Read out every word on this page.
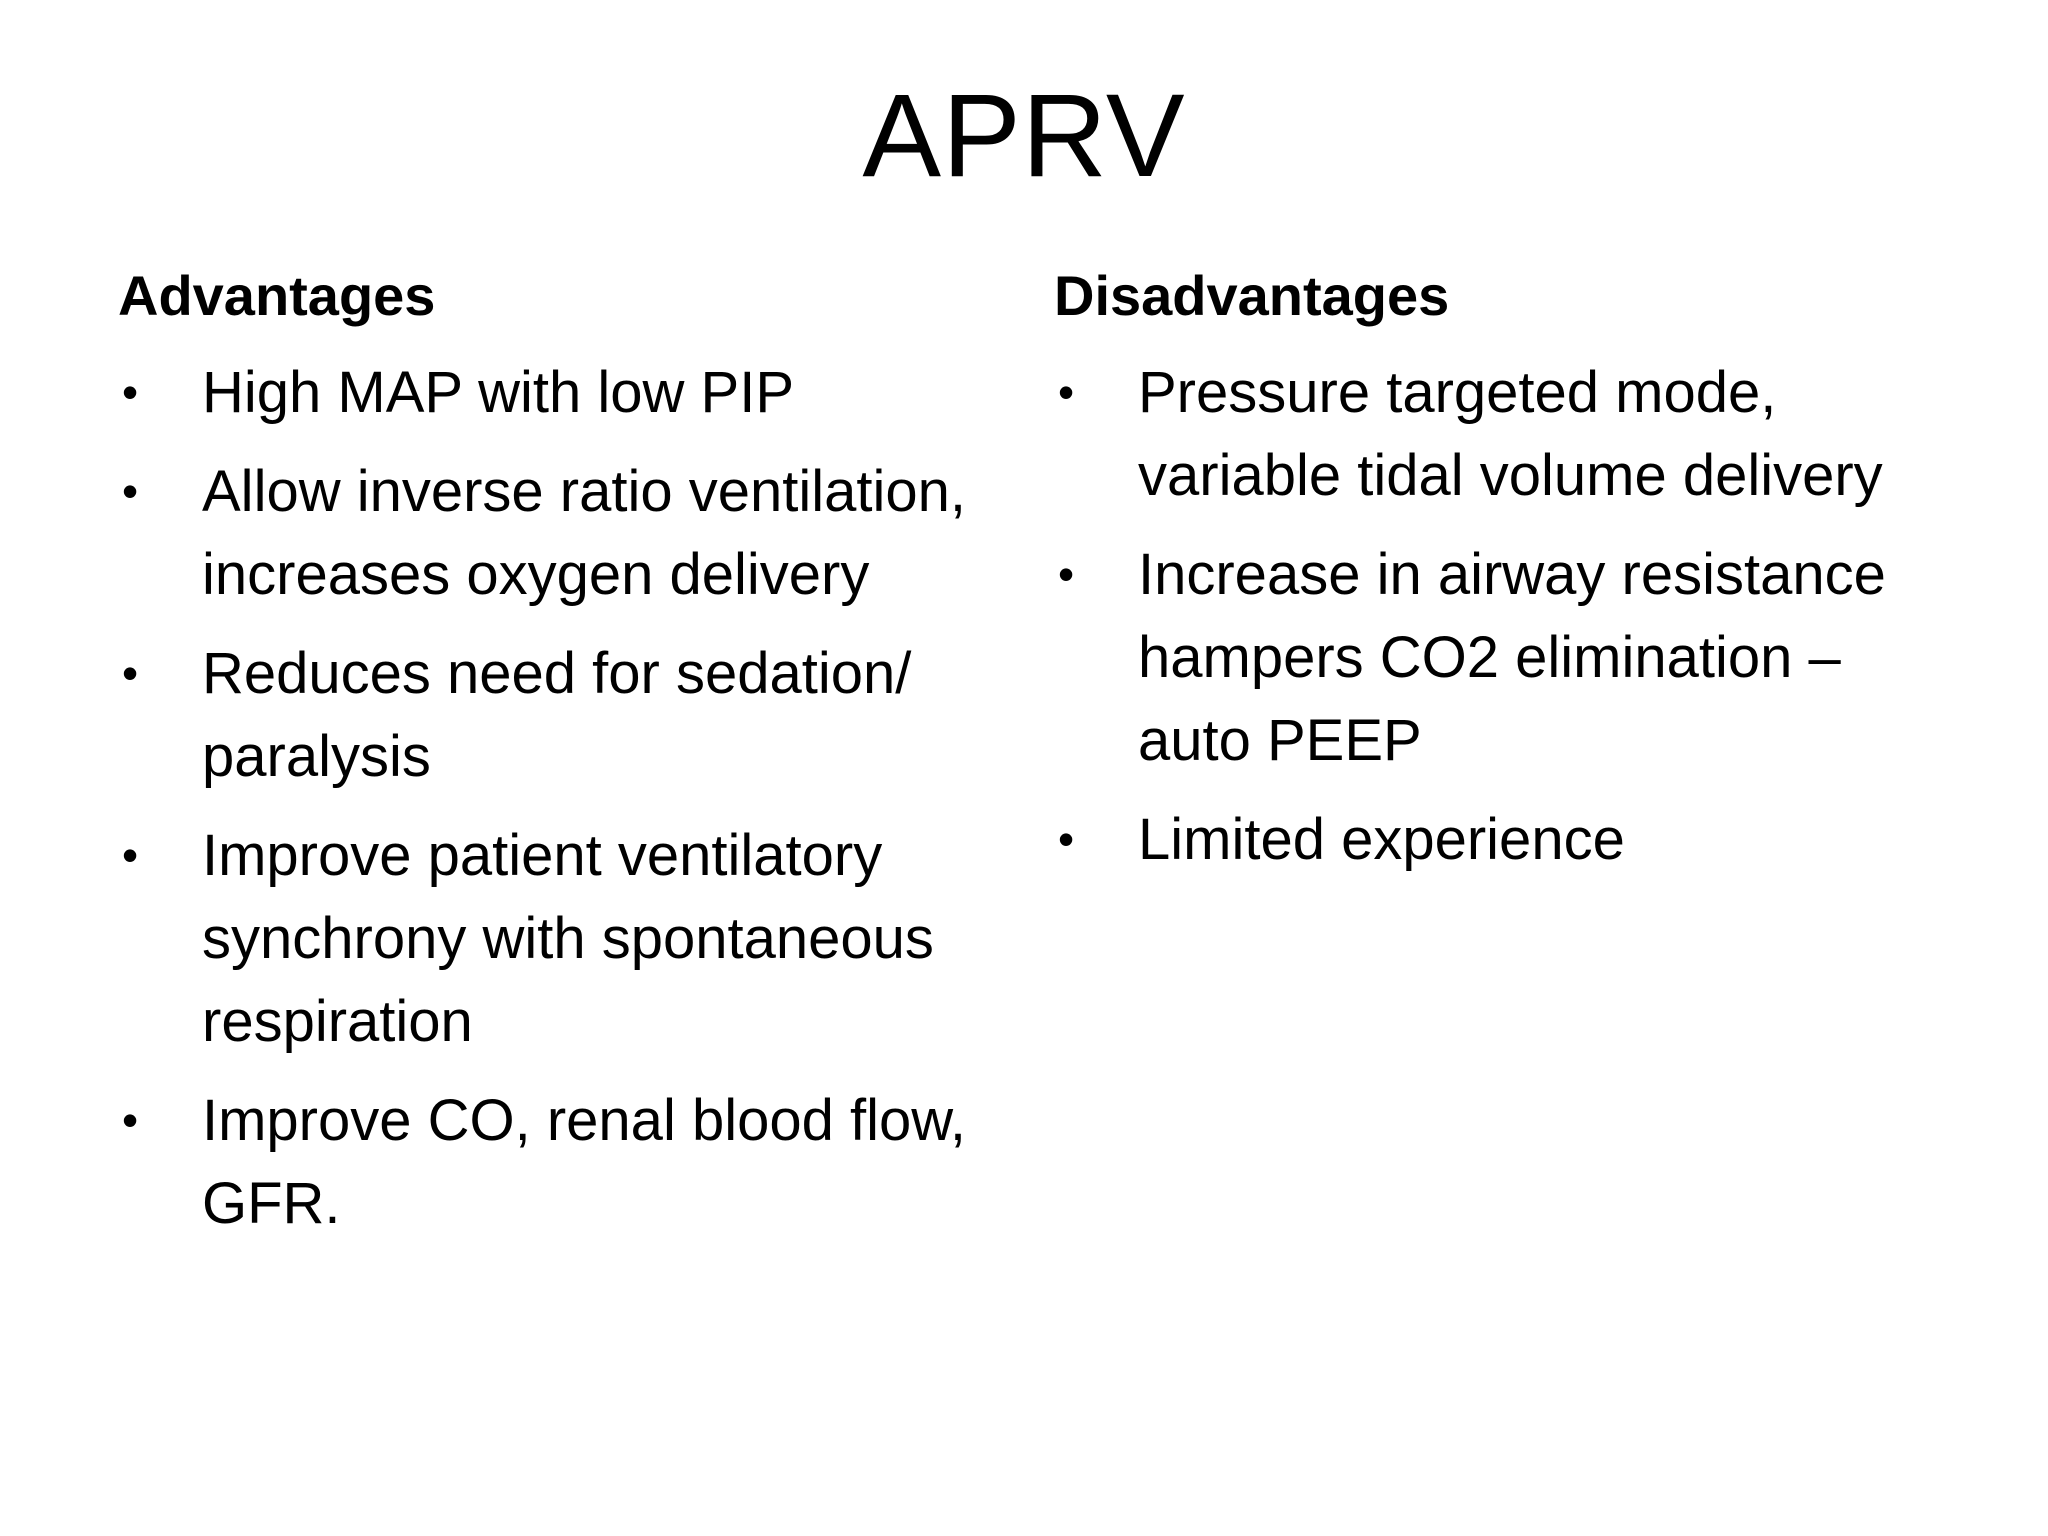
APRV
Advantages
•	High MAP with low PIP
•	Allow inverse ratio ventilation, increases oxygen delivery
•	Reduces need for sedation/ paralysis
•	Improve patient ventilatory synchrony with spontaneous respiration
•	Improve CO, renal blood flow, GFR.
Disadvantages
•	Pressure targeted mode, variable tidal volume delivery
•	Increase in airway resistance hampers CO2 elimination – auto PEEP
•	Limited experience
